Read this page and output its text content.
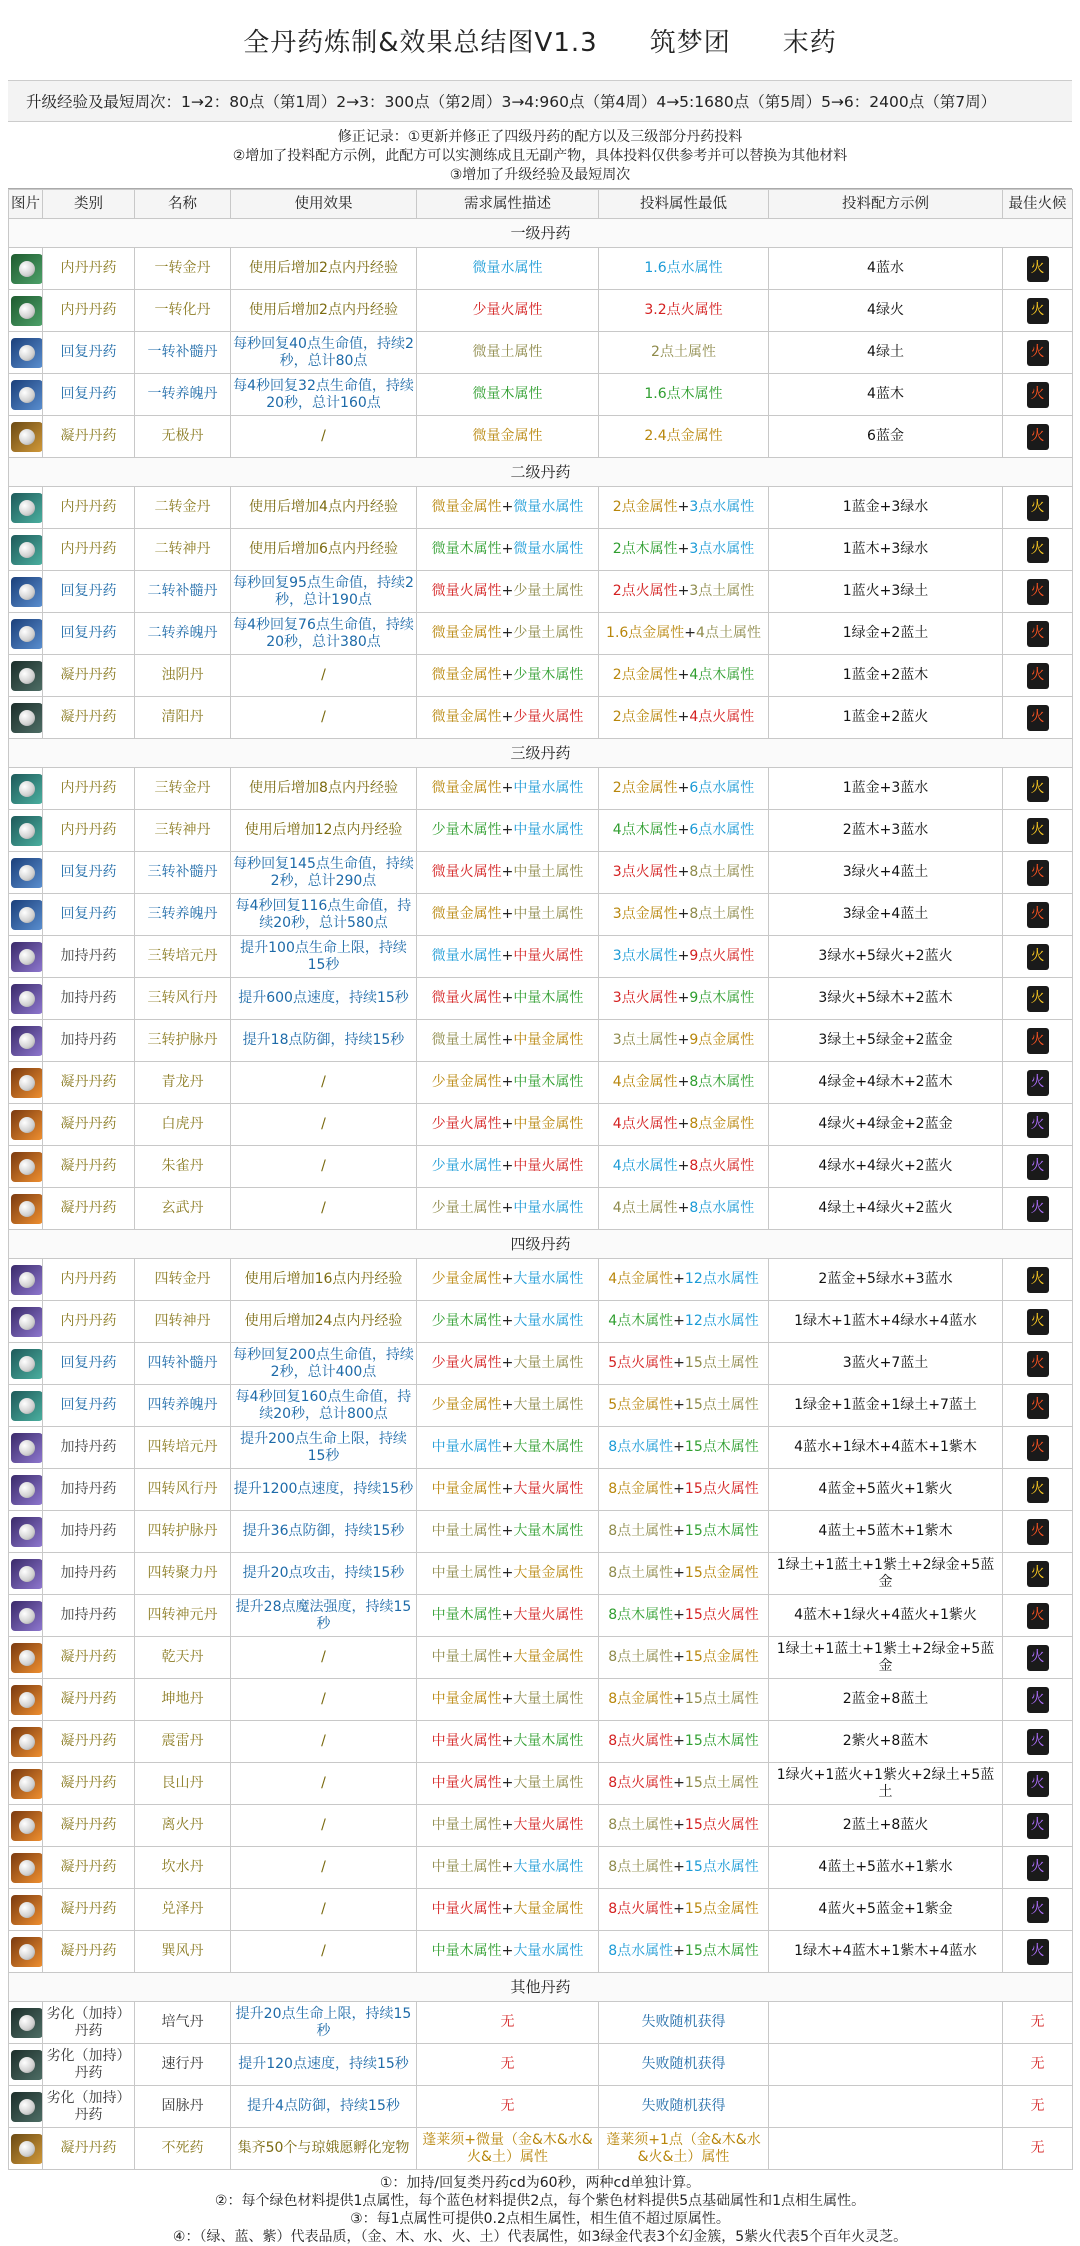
全丹药炼制&效果总结图V1.3 筑梦团 末药
升级经验及最短周次：1→2：80点（第1周）2→3：300点（第2周）3→4:960点（第4周）4→5:1680点（第5周）5→6：2400点（第7周）
修正记录：①更新并修正了四级丹药的配方以及三级部分丹药投料
②增加了投料配方示例，此配方可以实测练成且无副产物，具体投料仅供参考并可以替换为其他材料
③增加了升级经验及最短周次
图片	类别	名称	使用效果	需求属性描述	投料属性最低	投料配方示例	最佳火候
一级丹药							

	内丹丹药	一转金丹	使用后增加2点内丹经验	微量水属性	1.6点水属性	4蓝水	火

	内丹丹药	一转化丹	使用后增加2点内丹经验	少量火属性	3.2点火属性	4绿火	火

	回复丹药	一转补髓丹	每秒回复40点生命值，持续2秒，总计80点	微量土属性	2点土属性	4绿土	火

	回复丹药	一转养魄丹	每4秒回复32点生命值，持续20秒，总计160点	微量木属性	1.6点木属性	4蓝木	火

	凝丹丹药	无极丹	/	微量金属性	2.4点金属性	6蓝金	火

二级丹药							

	内丹丹药	二转金丹	使用后增加4点内丹经验	微量金属性+微量水属性	2点金属性+3点水属性	1蓝金+3绿水	火

	内丹丹药	二转神丹	使用后增加6点内丹经验	微量木属性+微量水属性	2点木属性+3点水属性	1蓝木+3绿水	火

	回复丹药	二转补髓丹	每秒回复95点生命值，持续2秒，总计190点	微量火属性+少量土属性	2点火属性+3点土属性	1蓝火+3绿土	火

	回复丹药	二转养魄丹	每4秒回复76点生命值，持续20秒，总计380点	微量金属性+少量土属性	1.6点金属性+4点土属性	1绿金+2蓝土	火

	凝丹丹药	浊阴丹	/	微量金属性+少量木属性	2点金属性+4点木属性	1蓝金+2蓝木	火

	凝丹丹药	清阳丹	/	微量金属性+少量火属性	2点金属性+4点火属性	1蓝金+2蓝火	火

三级丹药							

	内丹丹药	三转金丹	使用后增加8点内丹经验	微量金属性+中量水属性	2点金属性+6点水属性	1蓝金+3蓝水	火

	内丹丹药	三转神丹	使用后增加12点内丹经验	少量木属性+中量水属性	4点木属性+6点水属性	2蓝木+3蓝水	火

	回复丹药	三转补髓丹	每秒回复145点生命值，持续2秒，总计290点	微量火属性+中量土属性	3点火属性+8点土属性	3绿火+4蓝土	火

	回复丹药	三转养魄丹	每4秒回复116点生命值，持续20秒，总计580点	微量金属性+中量土属性	3点金属性+8点土属性	3绿金+4蓝土	火

	加持丹药	三转培元丹	提升100点生命上限，持续15秒	微量水属性+中量火属性	3点水属性+9点火属性	3绿水+5绿火+2蓝火	火

	加持丹药	三转风行丹	提升600点速度，持续15秒	微量火属性+中量木属性	3点火属性+9点木属性	3绿火+5绿木+2蓝木	火

	加持丹药	三转护脉丹	提升18点防御，持续15秒	微量土属性+中量金属性	3点土属性+9点金属性	3绿土+5绿金+2蓝金	火

	凝丹丹药	青龙丹	/	少量金属性+中量木属性	4点金属性+8点木属性	4绿金+4绿木+2蓝木	火

	凝丹丹药	白虎丹	/	少量火属性+中量金属性	4点火属性+8点金属性	4绿火+4绿金+2蓝金	火

	凝丹丹药	朱雀丹	/	少量水属性+中量火属性	4点水属性+8点火属性	4绿水+4绿火+2蓝火	火

	凝丹丹药	玄武丹	/	少量土属性+中量水属性	4点土属性+8点水属性	4绿土+4绿火+2蓝火	火

四级丹药							

	内丹丹药	四转金丹	使用后增加16点内丹经验	少量金属性+大量水属性	4点金属性+12点水属性	2蓝金+5绿水+3蓝水	火

	内丹丹药	四转神丹	使用后增加24点内丹经验	少量木属性+大量水属性	4点木属性+12点水属性	1绿木+1蓝木+4绿水+4蓝水	火

	回复丹药	四转补髓丹	每秒回复200点生命值，持续2秒，总计400点	少量火属性+大量土属性	5点火属性+15点土属性	3蓝火+7蓝土	火

	回复丹药	四转养魄丹	每4秒回复160点生命值，持续20秒，总计800点	少量金属性+大量土属性	5点金属性+15点土属性	1绿金+1蓝金+1绿土+7蓝土	火

	加持丹药	四转培元丹	提升200点生命上限，持续15秒	中量水属性+大量木属性	8点水属性+15点木属性	4蓝水+1绿木+4蓝木+1紫木	火

	加持丹药	四转风行丹	提升1200点速度，持续15秒	中量金属性+大量火属性	8点金属性+15点火属性	4蓝金+5蓝火+1紫火	火

	加持丹药	四转护脉丹	提升36点防御，持续15秒	中量土属性+大量木属性	8点土属性+15点木属性	4蓝土+5蓝木+1紫木	火

	加持丹药	四转聚力丹	提升20点攻击，持续15秒	中量土属性+大量金属性	8点土属性+15点金属性	1绿土+1蓝土+1紫土+2绿金+5蓝金	火

	加持丹药	四转神元丹	提升28点魔法强度，持续15秒	中量木属性+大量火属性	8点木属性+15点火属性	4蓝木+1绿火+4蓝火+1紫火	火

	凝丹丹药	乾天丹	/	中量土属性+大量金属性	8点土属性+15点金属性	1绿土+1蓝土+1紫土+2绿金+5蓝金	火

	凝丹丹药	坤地丹	/	中量金属性+大量土属性	8点金属性+15点土属性	2蓝金+8蓝土	火

	凝丹丹药	震雷丹	/	中量火属性+大量木属性	8点火属性+15点木属性	2紫火+8蓝木	火

	凝丹丹药	艮山丹	/	中量火属性+大量土属性	8点火属性+15点土属性	1绿火+1蓝火+1紫火+2绿土+5蓝土	火

	凝丹丹药	离火丹	/	中量土属性+大量火属性	8点土属性+15点火属性	2蓝土+8蓝火	火

	凝丹丹药	坎水丹	/	中量土属性+大量水属性	8点土属性+15点水属性	4蓝土+5蓝水+1紫水	火

	凝丹丹药	兑泽丹	/	中量火属性+大量金属性	8点火属性+15点金属性	4蓝火+5蓝金+1紫金	火

	凝丹丹药	巽风丹	/	中量木属性+大量水属性	8点水属性+15点木属性	1绿木+4蓝木+1紫木+4蓝水	火

其他丹药							

	劣化（加持）丹药	培气丹	提升20点生命上限，持续15秒	无	失败随机获得		无

	劣化（加持）丹药	速行丹	提升120点速度，持续15秒	无	失败随机获得		无

	劣化（加持）丹药	固脉丹	提升4点防御，持续15秒	无	失败随机获得		无

	凝丹丹药	不死药	集齐50个与琼娥愿孵化宠物	蓬莱须+微量（金&木&水&火&土）属性	蓬莱须+1点（金&木&水&火&土）属性		无
①：加持/回复类丹药cd为60秒，两种cd单独计算。
②：每个绿色材料提供1点属性，每个蓝色材料提供2点，每个紫色材料提供5点基础属性和1点相生属性。
③：每1点属性可提供0.2点相生属性，相生值不超过原属性。
④：（绿、蓝、紫）代表品质，（金、木、水、火、土）代表属性，如3绿金代表3个幻金簇，5紫火代表5个百年火灵芝。
